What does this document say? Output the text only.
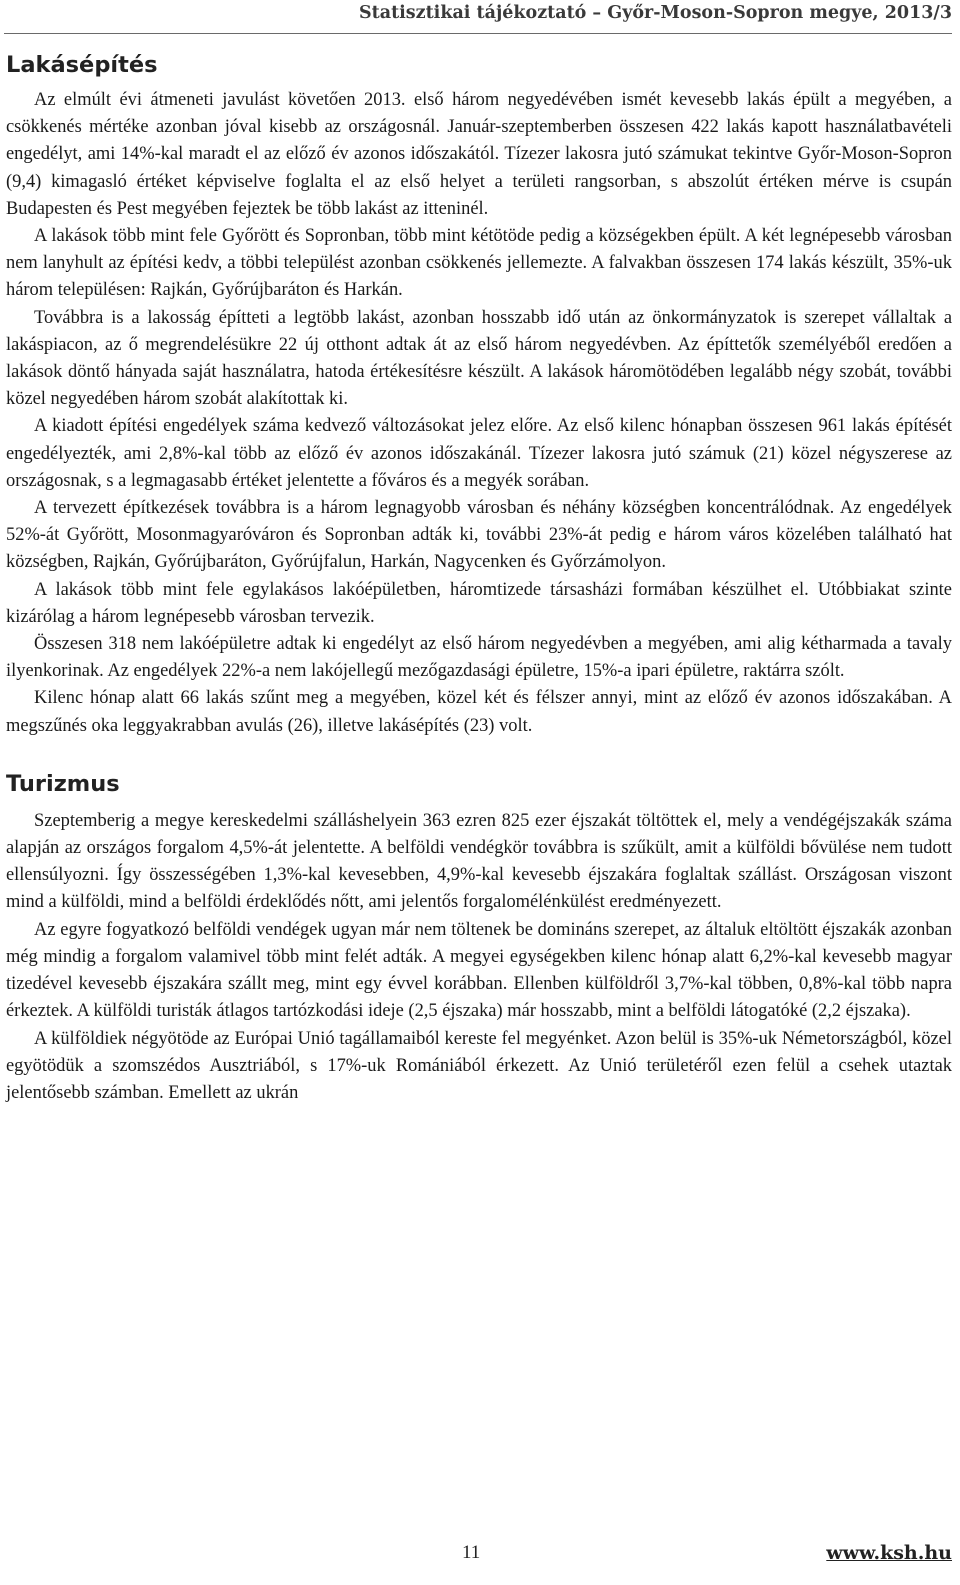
Statisztikai tájékoztató – Győr-Moson-Sopron megye, 2013/3
Lakásépítés

Az elmúlt évi átmeneti javulást követően 2013. első három negyedévében ismét kevesebb lakás épült a megyében, a csökkenés mértéke azonban jóval kisebb az országosnál. Január-szeptemberben összesen 422 lakás kapott használatbavételi engedélyt, ami 14%-kal maradt el az előző év azonos időszakától. Tízezer lakosra jutó számukat tekintve Győr-Moson-Sopron (9,4) kimagasló értéket képviselve foglalta el az első helyet a területi rangsorban, s abszolút értéken mérve is csupán Budapesten és Pest megyében fejeztek be több lakást az itteninél.

A lakások több mint fele Győrött és Sopronban, több mint kétötöde pedig a községekben épült. A két legnépesebb városban nem lanyhult az építési kedv, a többi települést azonban csökkenés jellemezte. A falvakban összesen 174 lakás készült, 35%-uk három településen: Rajkán, Győrújbaráton és Harkán.

Továbbra is a lakosság építteti a legtöbb lakást, azonban hosszabb idő után az önkormányzatok is szerepet vállaltak a lakáspiacon, az ő megrendelésükre 22 új otthont adtak át az első három negyedévben. Az építtetők személyéből eredően a lakások döntő hányada saját használatra, hatoda értékesítésre készült. A lakások háromötödében legalább négy szobát, további közel negyedében három szobát alakítottak ki.

A kiadott építési engedélyek száma kedvező változásokat jelez előre. Az első kilenc hónapban összesen 961 lakás építését engedélyezték, ami 2,8%-kal több az előző év azonos időszakánál. Tízezer lakosra jutó számuk (21) közel négyszerese az országosnak, s a legmagasabb értéket jelentette a főváros és a megyék sorában.

A tervezett építkezések továbbra is a három legnagyobb városban és néhány községben koncentrálódnak. Az engedélyek 52%-át Győrött, Mosonmagyaróváron és Sopronban adták ki, további 23%-át pedig e három város közelében található hat községben, Rajkán, Győrújbaráton, Győrújfalun, Harkán, Nagycenken és Győrzámolyon.

A lakások több mint fele egylakásos lakóépületben, háromtizede társasházi formában készülhet el. Utóbbiakat szinte kizárólag a három legnépesebb városban tervezik.

Összesen 318 nem lakóépületre adtak ki engedélyt az első három negyedévben a megyében, ami alig kétharmada a tavaly ilyenkorinak. Az engedélyek 22%-a nem lakójellegű mezőgazdasági épületre, 15%-a ipari épületre, raktárra szólt.

Kilenc hónap alatt 66 lakás szűnt meg a megyében, közel két és félszer annyi, mint az előző év azonos időszakában. A megszűnés oka leggyakrabban avulás (26), illetve lakásépítés (23) volt.

Turizmus

Szeptemberig a megye kereskedelmi szálláshelyein 363 ezren 825 ezer éjszakát töltöttek el, mely a vendégéjszakák száma alapján az országos forgalom 4,5%-át jelentette. A belföldi vendégkör továbbra is szűkült, amit a külföldi bővülése nem tudott ellensúlyozni. Így összességében 1,3%-kal kevesebben, 4,9%-kal kevesebb éjszakára foglaltak szállást. Országosan viszont mind a külföldi, mind a belföldi érdeklődés nőtt, ami jelentős forgalomélénkülést eredményezett.

Az egyre fogyatkozó belföldi vendégek ugyan már nem töltenek be domináns szerepet, az általuk eltöltött éjszakák azonban még mindig a forgalom valamivel több mint felét adták. A megyei egységekben kilenc hónap alatt 6,2%-kal kevesebb magyar tizedével kevesebb éjszakára szállt meg, mint egy évvel korábban. Ellenben külföldről 3,7%-kal többen, 0,8%-kal több napra érkeztek. A külföldi turisták átlagos tartózkodási ideje (2,5 éjszaka) már hosszabb, mint a belföldi látogatóké (2,2 éjszaka).

A külföldiek négyötöde az Európai Unió tagállamaiból kereste fel megyénket. Azon belül is 35%-uk Németországból, közel egyötödük a szomszédos Ausztriából, s 17%-uk Romániából érkezett. Az Unió területéről ezen felül a csehek utaztak jelentősebb számban. Emellett az ukrán

11	www.ksh.hu
